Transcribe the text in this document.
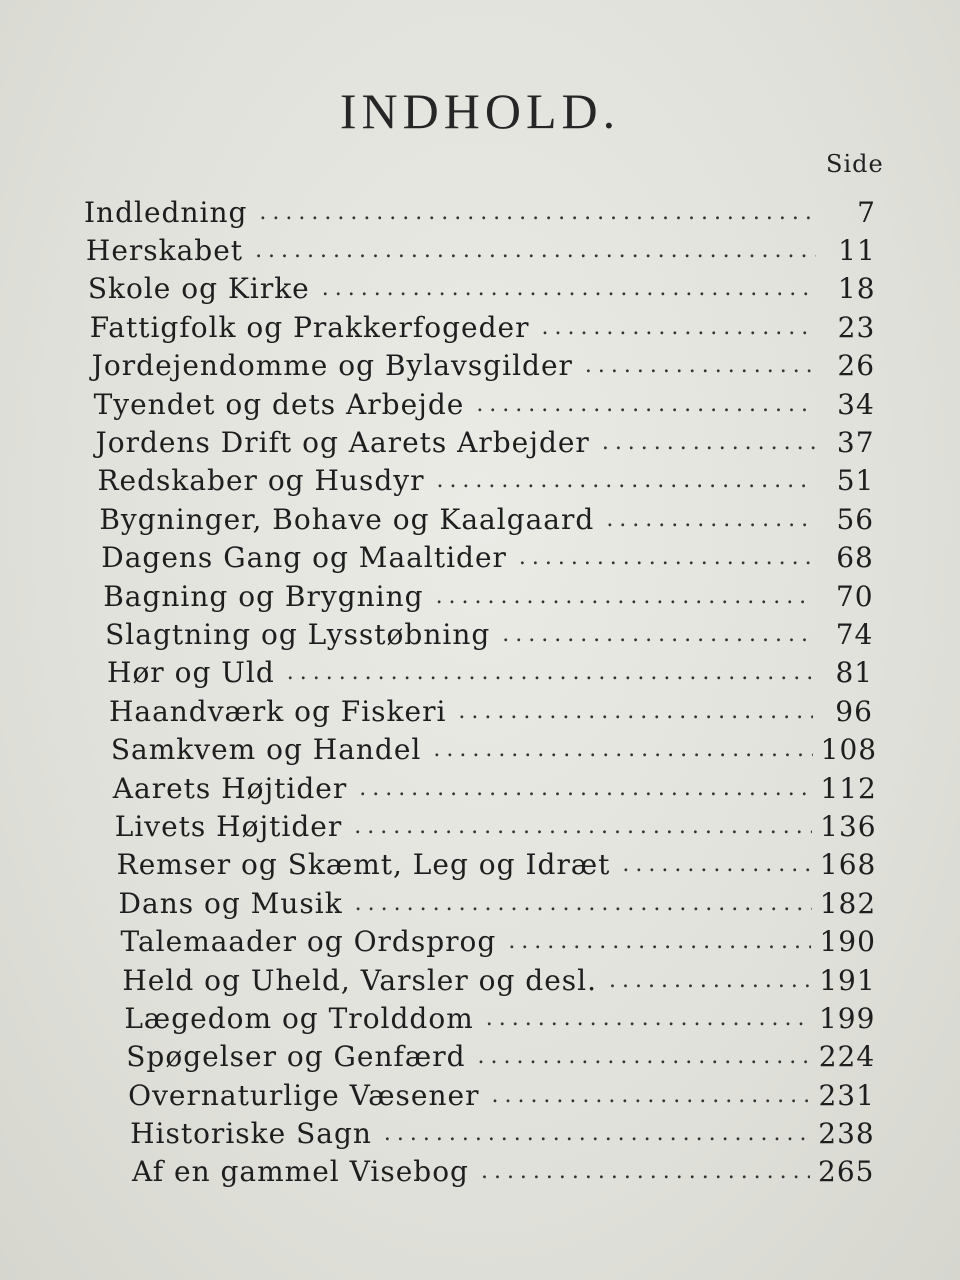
INDHOLD.
Side
Indledning . . .	7
Herskabet . . .	11
Skole og Kirke . . .	18
Fattigfolk og Prakkerfogeder . . .	23
Jordejendomme og Bylavsgilder . . .	26
Tyendet og dets Arbejde . . .	34
Jordens Drift og Aarets Arbejder . . .	37
Redskaber og Husdyr . . .	51
Bygninger, Bohave og Kaalgaard . . .	56
Dagens Gang og Maaltider . . .	68
Bagning og Brygning . . .	70
Slagtning og Lysstøbning . . .	74
Hør og Uld . . .	81
Haandværk og Fiskeri . . .	96
Samkvem og Handel . . .	108
Aarets Højtider . . .	112
Livets Højtider . . .	136
Remser og Skæmt, Leg og Idræt . . .	168
Dans og Musik . . .	182
Talemaader og Ordsprog . . .	190
Held og Uheld, Varsler og desl. . . .	191
Lægedom og Trolddom . . .	199
Spøgelser og Genfærd . . .	224
Overnaturlige Væsener . . .	231
Historiske Sagn . . .	238
Af en gammel Visebog . . .	265
